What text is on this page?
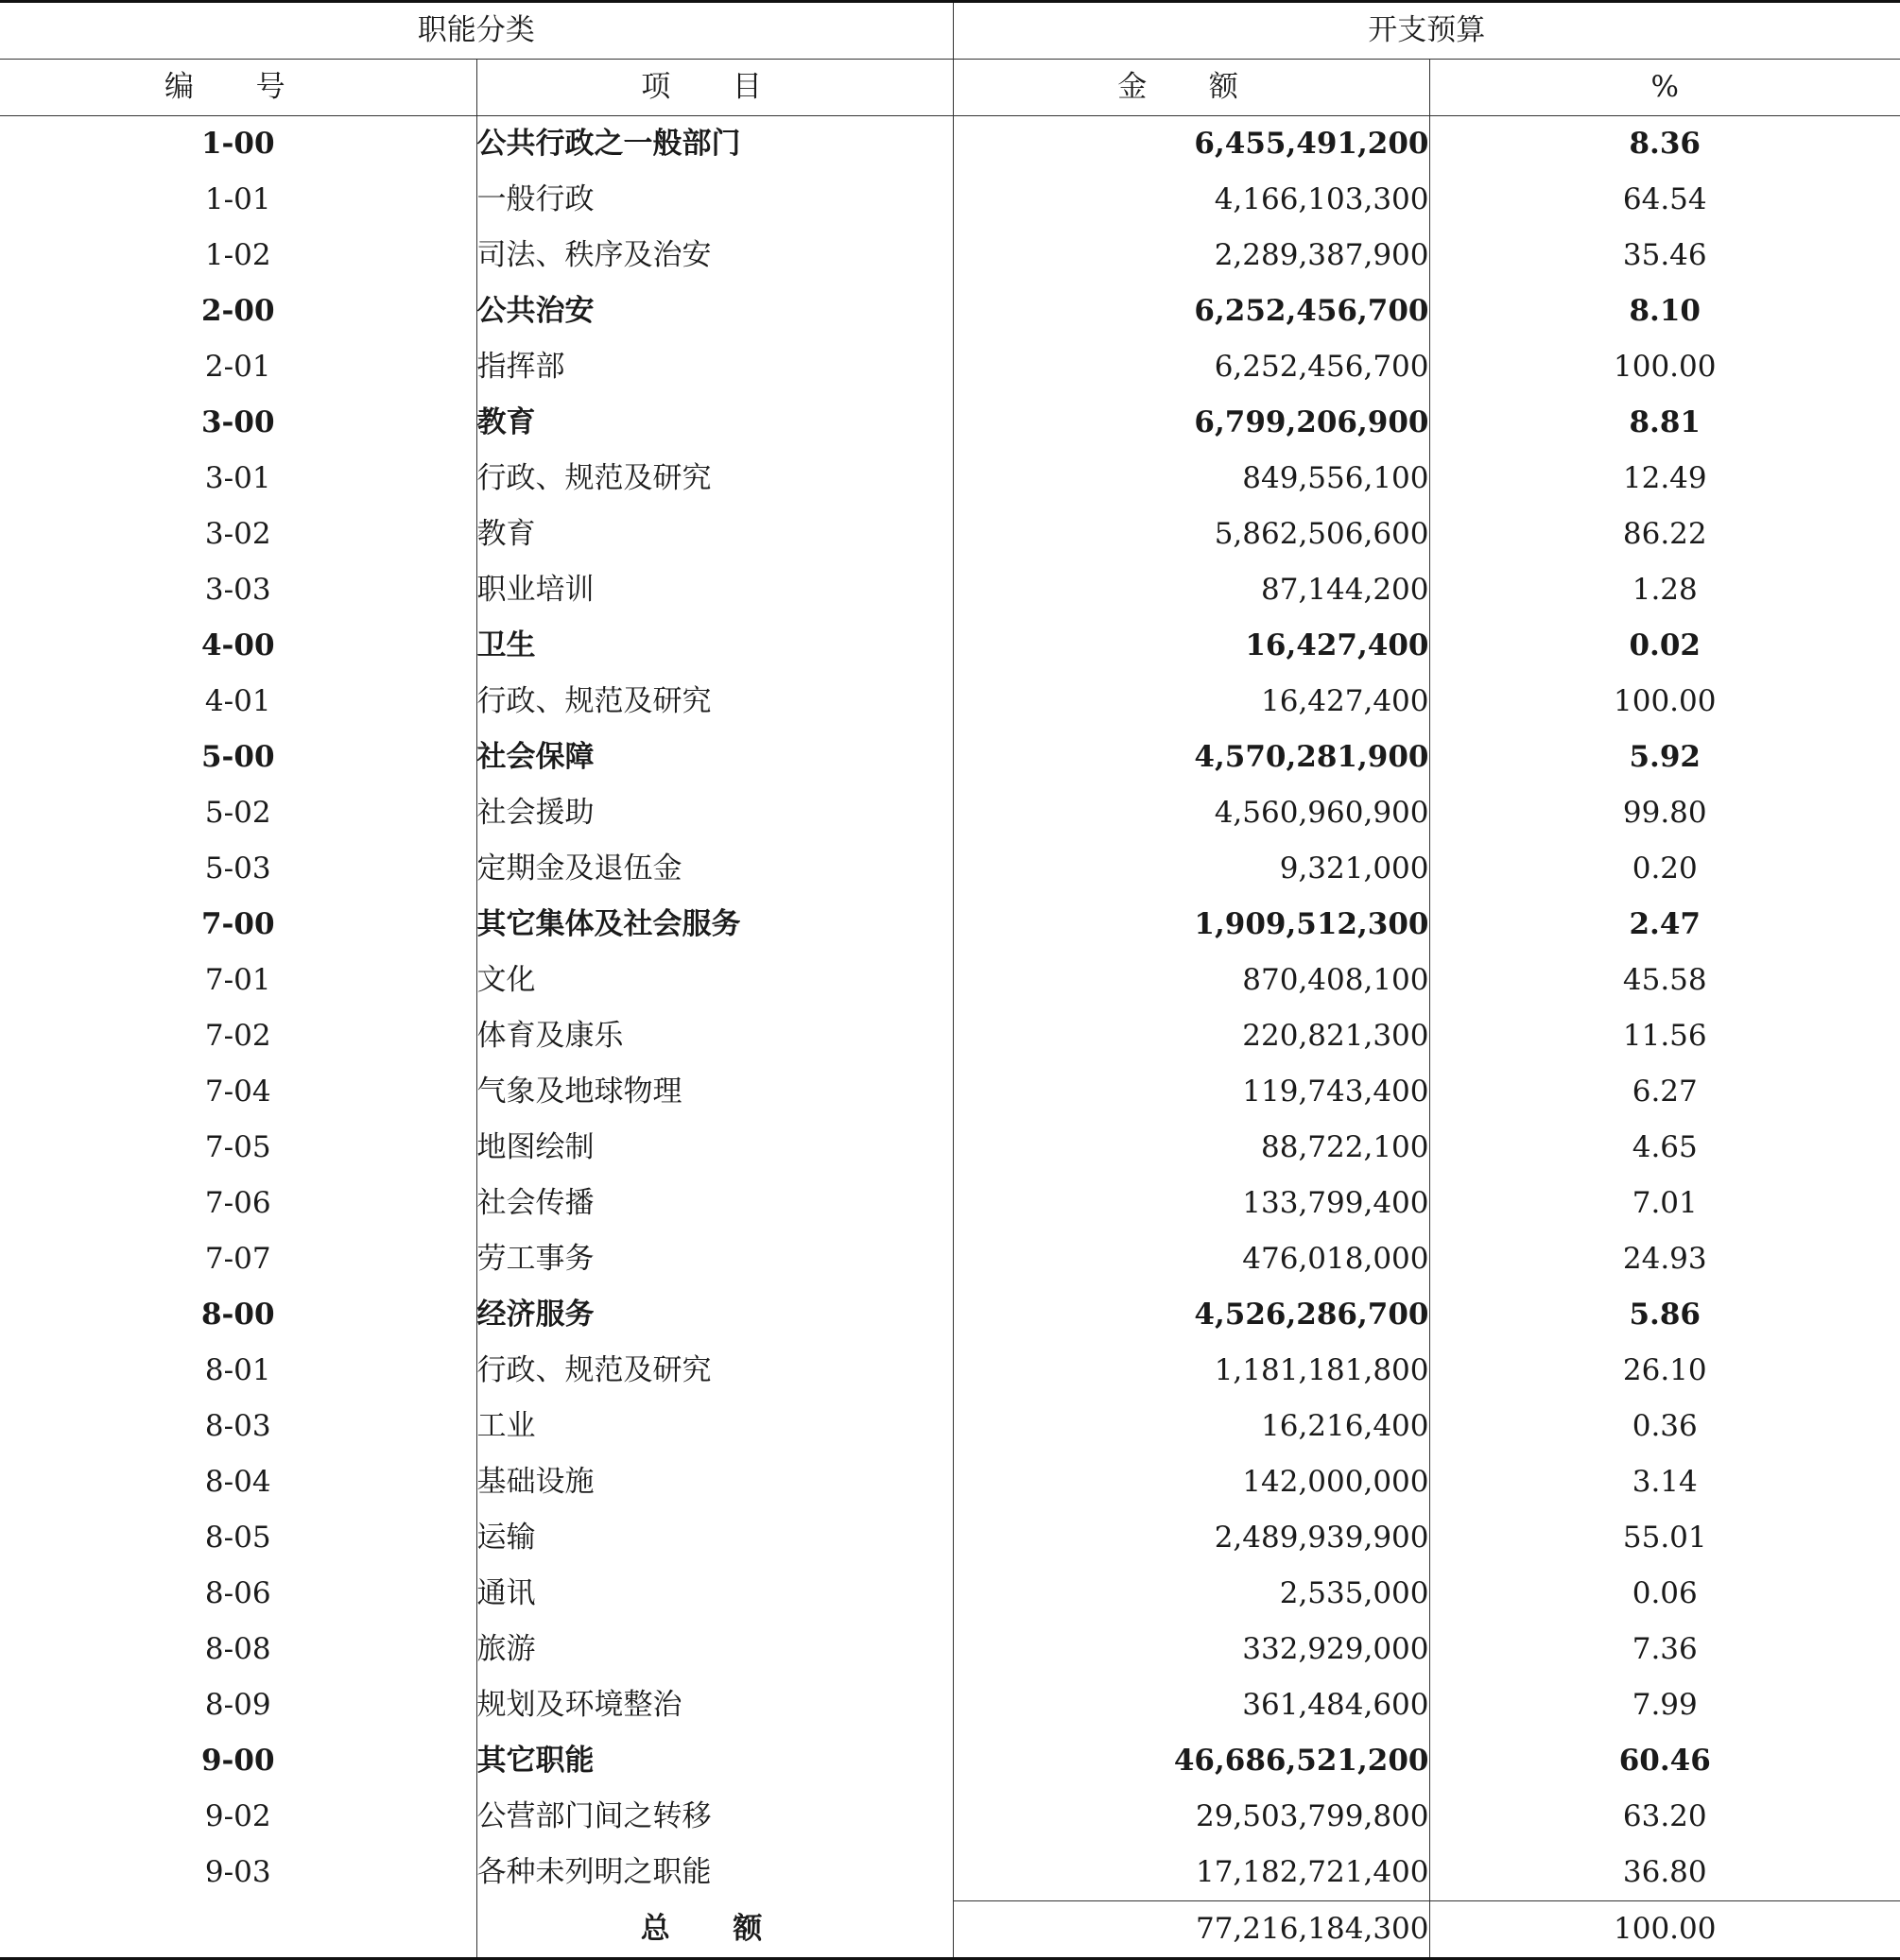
职能分类		开支预算	
编 号	项 目	金 额	%
1-00	公共行政之一般部门	6,455,491,200	8.36
1-01	一般行政	4,166,103,300	64.54
1-02	司法、秩序及治安	2,289,387,900	35.46
2-00	公共治安	6,252,456,700	8.10
2-01	指挥部	6,252,456,700	100.00
3-00	教育	6,799,206,900	8.81
3-01	行政、规范及研究	849,556,100	12.49
3-02	教育	5,862,506,600	86.22
3-03	职业培训	87,144,200	1.28
4-00	卫生	16,427,400	0.02
4-01	行政、规范及研究	16,427,400	100.00
5-00	社会保障	4,570,281,900	5.92
5-02	社会援助	4,560,960,900	99.80
5-03	定期金及退伍金	9,321,000	0.20
7-00	其它集体及社会服务	1,909,512,300	2.47
7-01	文化	870,408,100	45.58
7-02	体育及康乐	220,821,300	11.56
7-04	气象及地球物理	119,743,400	6.27
7-05	地图绘制	88,722,100	4.65
7-06	社会传播	133,799,400	7.01
7-07	劳工事务	476,018,000	24.93
8-00	经济服务	4,526,286,700	5.86
8-01	行政、规范及研究	1,181,181,800	26.10
8-03	工业	16,216,400	0.36
8-04	基础设施	142,000,000	3.14
8-05	运输	2,489,939,900	55.01
8-06	通讯	2,535,000	0.06
8-08	旅游	332,929,000	7.36
8-09	规划及环境整治	361,484,600	7.99
9-00	其它职能	46,686,521,200	60.46
9-02	公营部门间之转移	29,503,799,800	63.20
9-03	各种未列明之职能	17,182,721,400	36.80
	总 额	77,216,184,300	100.00
